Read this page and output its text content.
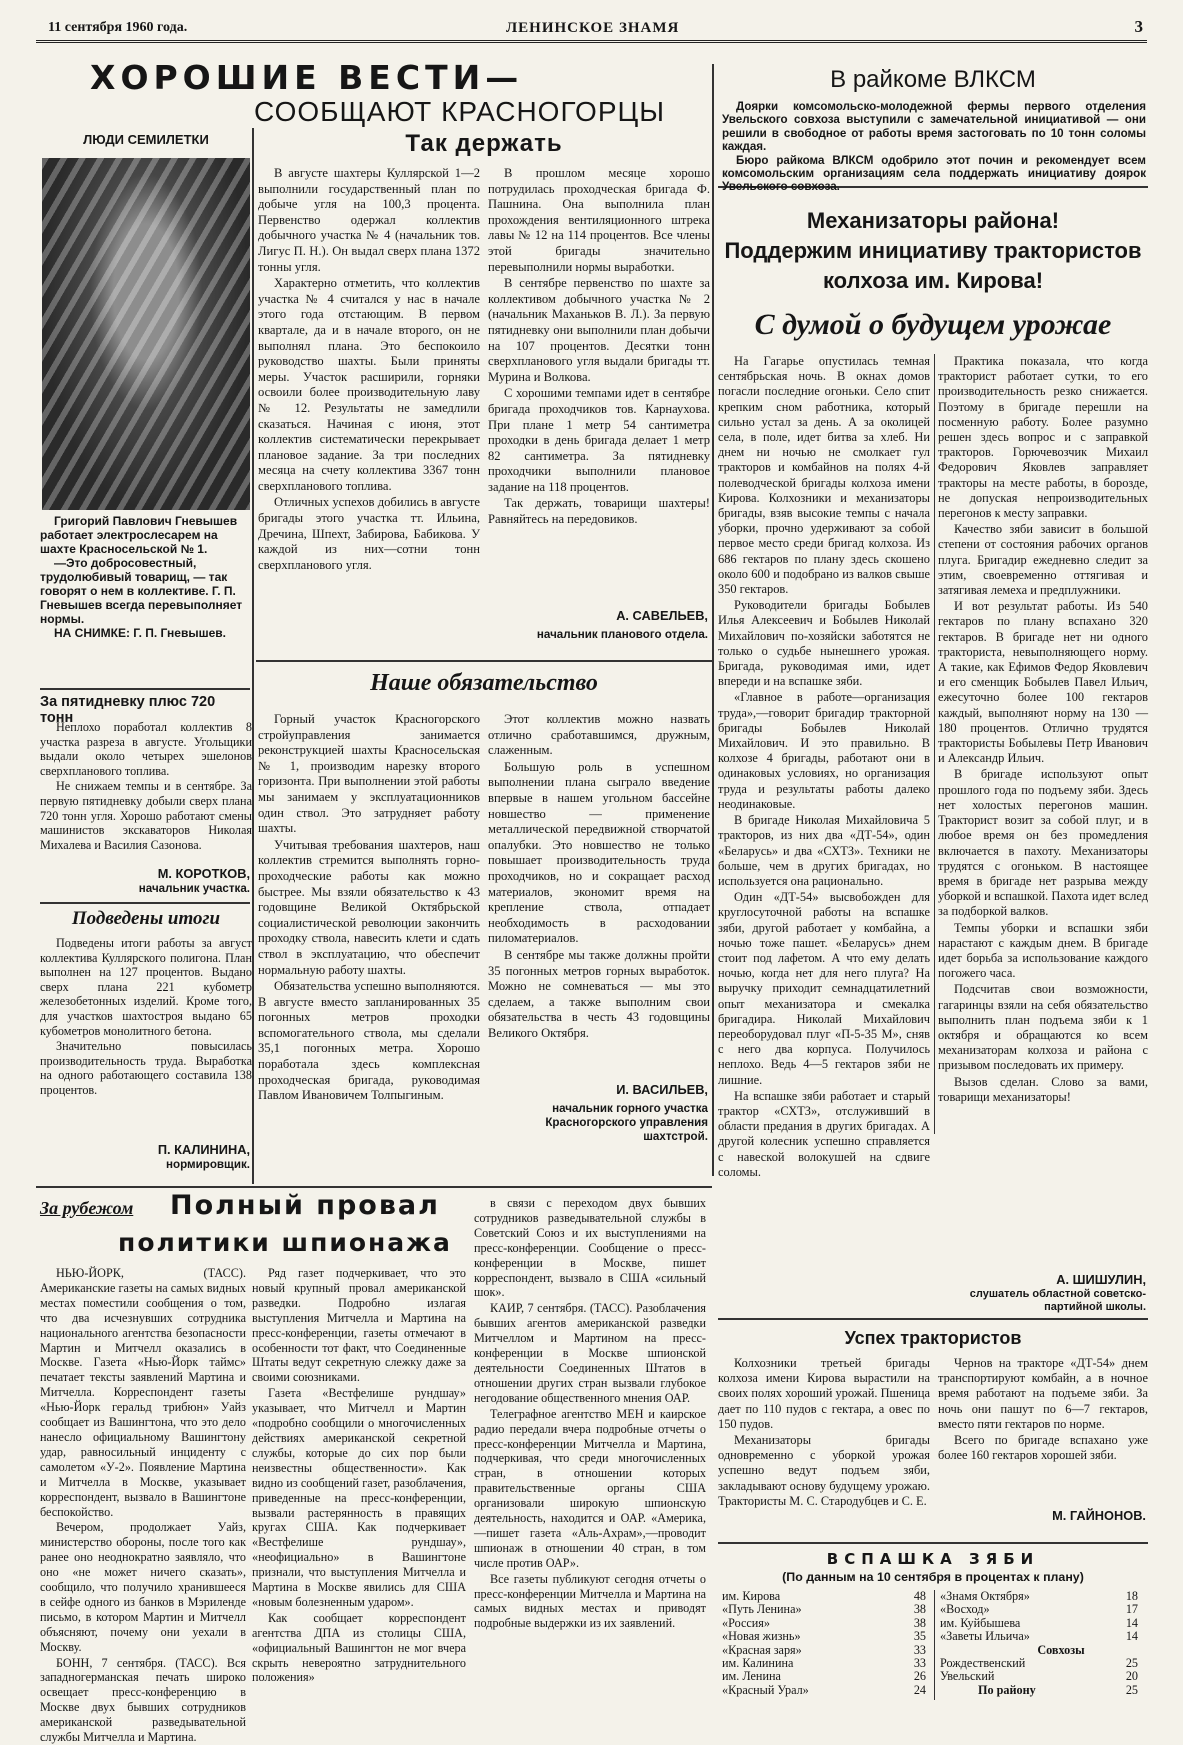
11 сентября 1960 года.	ЛЕНИНСКОЕ ЗНАМЯ	3
ХОРОШИЕ ВЕСТИ—
СООБЩАЮТ КРАСНОГОРЦЫ
ЛЮДИ СЕМИЛЕТКИ
Григорий Павлович Гневышев работает электрослесарем на шахте Красносельской № 1.
—Это добросовестный, трудолюбивый товарищ, — так говорят о нем в коллективе. Г. П. Гневышев всегда перевыполняет нормы.
НА СНИМКЕ: Г. П. Гневышев.
За пятидневку плюс 720 тонн

Неплохо поработал коллектив 8 участка разреза в августе. Угольщики выдали около четырех эшелонов сверхпланового топлива.

Не снижаем темпы и в сентябре. За первую пятидневку добыли сверх плана 720 тонн угля. Хорошо работают смены машинистов экскаваторов Николая Михалева и Василия Сазонова.

М. КОРОТКОВ,
начальник участка.
Подведены итоги

Подведены итоги работы за август коллектива Куллярского полигона. План выполнен на 127 процентов. Выдано сверх плана 221 кубометр железобетонных изделий. Кроме того, для участков шахтостроя выдано 65 кубометров монолитного бетона.

Значительно повысилась производительность труда. Выработка на одного работающего составила 138 процентов.

П. КАЛИНИНА,
нормировщик.
Так держать

В августе шахтеры Куллярской 1—2 выполнили государственный план по добыче угля на 100,3 процента. Первенство одержал коллектив добычного участка № 4 (начальник тов. Лигус П. Н.). Он выдал сверх плана 1372 тонны угля.

Характерно отметить, что коллектив участка № 4 считался у нас в начале этого года отстающим. В первом квартале, да и в начале второго, он не выполнял плана. Это беспокоило руководство шахты. Были приняты меры. Участок расширили, горняки освоили более производительную лаву № 12. Результаты не замедлили сказаться. Начиная с июня, этот коллектив систематически перекрывает плановое задание. За три последних месяца на счету коллектива 3367 тонн сверхпланового топлива.

Отличных успехов добились в августе бригады этого участка тт. Ильина, Дречина, Шпехт, Забирова, Бабикова. У каждой из них—сотни тонн сверхпланового угля.

В прошлом месяце хорошо потрудилась проходческая бригада Ф. Пашнина. Она выполнила план прохождения вентиляционного штрека лавы № 12 на 114 процентов. Все члены этой бригады значительно перевыполнили нормы выработки.

В сентябре первенство по шахте за коллективом добычного участка № 2 (начальник Маханьков В. Л.). За первую пятидневку они выполнили план добычи на 107 процентов. Десятки тонн сверхпланового угля выдали бригады тт. Мурина и Волкова.

С хорошими темпами идет в сентябре бригада проходчиков тов. Карнаухова. При плане 1 метр 54 сантиметра проходки в день бригада делает 1 метр 82 сантиметра. За пятидневку проходчики выполнили плановое задание на 118 процентов.

Так держать, товарищи шахтеры! Равняйтесь на передовиков.

А. САВЕЛЬЕВ,
начальник планового отдела.
Наше обязательство

Горный участок Красногорского стройуправления занимается реконструкцией шахты Красносельская № 1, производим нарезку второго горизонта. При выполнении этой работы мы занимаем у эксплуатационников один ствол. Это затрудняет работу шахты.

Учитывая требования шахтеров, наш коллектив стремится выполнять горно-проходческие работы как можно быстрее. Мы взяли обязательство к 43 годовщине Великой Октябрьской социалистической революции закончить проходку ствола, навесить клети и сдать ствол в эксплуатацию, что обеспечит нормальную работу шахты.

Обязательства успешно выполняются. В августе вместо запланированных 35 погонных метров проходки вспомогательного ствола, мы сделали 35,1 погонных метра. Хорошо поработала здесь комплексная проходческая бригада, руководимая Павлом Ивановичем Толпыгиным.

Этот коллектив можно назвать отлично сработавшимся, дружным, слаженным.

Большую роль в успешном выполнении плана сыграло введение впервые в нашем угольном бассейне новшество — применение металлической передвижной створчатой опалубки. Это новшество не только повышает производительность труда проходчиков, но и сокращает расход материалов, экономит время на крепление ствола, отпадает необходимость в расходовании пиломатериалов.

В сентябре мы также должны пройти 35 погонных метров горных выработок. Можно не сомневаться — мы это сделаем, а также выполним свои обязательства в честь 43 годовщины Великого Октября.

И. ВАСИЛЬЕВ,
начальник горного участка Красногорского управления шахтстрой.
В райкоме ВЛКСМ
Доярки комсомольско-молодежной фермы первого отделения Увельского совхоза выступили с замечательной инициативой — они решили в свободное от работы время застоговать по 10 тонн соломы каждая.
Бюро райкома ВЛКСМ одобрило этот почин и рекомендует всем комсомольским организациям села поддержать инициативу доярок Увельского совхоза.
Механизаторы района!
Поддержим инициативу трактористов
колхоза им. Кирова!
С думой о будущем урожае

На Гагарье опустилась темная сентябрьская ночь. В окнах домов погасли последние огоньки. Село спит крепким сном работника, который сильно устал за день. А за околицей села, в поле, идет битва за хлеб. Ни днем ни ночью не смолкает гул тракторов и комбайнов на полях 4-й полеводческой бригады колхоза имени Кирова. Колхозники и механизаторы бригады, взяв высокие темпы с начала уборки, прочно удерживают за собой первое место среди бригад колхоза. Из 686 гектаров по плану здесь скошено около 600 и подобрано из валков свыше 350 гектаров.

Руководители бригады Бобылев Илья Алексеевич и Бобылев Николай Михайлович по-хозяйски заботятся не только о судьбе нынешнего урожая. Бригада, руководимая ими, идет впереди и на вспашке зяби.

«Главное в работе—организация труда»,—говорит бригадир тракторной бригады Бобылев Николай Михайлович. И это правильно. В колхозе 4 бригады, работают они в одинаковых условиях, но организация труда и результаты работы далеко неодинаковые.

В бригаде Николая Михайловича 5 тракторов, из них два «ДТ-54», один «Беларусь» и два «СХТЗ». Техники не больше, чем в других бригадах, но используется она рационально.

Один «ДТ-54» высвобожден для круглосуточной работы на вспашке зяби, другой работает у комбайна, а ночью тоже пашет. «Беларусь» днем стоит под лафетом. А что ему делать ночью, когда нет для него плуга? На выручку приходит семнадцатилетний опыт механизатора и смекалка бригадира. Николай Михайлович переоборудовал плуг «П-5-35 М», сняв с него два корпуса. Получилось неплохо. Ведь 4—5 гектаров зяби не лишние.

На вспашке зяби работает и старый трактор «СХТЗ», отслуживший в области предания в других бригадах. А другой колесник успешно справляется с навеской волокушей на сдвиге соломы.

Практика показала, что когда тракторист работает сутки, то его производительность резко снижается. Поэтому в бригаде перешли на посменную работу. Более разумно решен здесь вопрос и с заправкой тракторов. Горючевозчик Михаил Федорович Яковлев заправляет тракторы на месте работы, в борозде, не допуская непроизводительных перегонов к месту заправки.

Качество зяби зависит в большой степени от состояния рабочих органов плуга. Бригадир ежедневно следит за этим, своевременно оттягивая и затягивая лемеха и предплужники.

И вот результат работы. Из 540 гектаров по плану вспахано 320 гектаров. В бригаде нет ни одного тракториста, невыполняющего норму. А такие, как Ефимов Федор Яковлевич и его сменщик Бобылев Павел Ильич, ежесуточно более 100 гектаров каждый, выполняют норму на 130 — 180 процентов. Отлично трудятся трактористы Бобылевы Петр Иванович и Александр Ильич.

В бригаде используют опыт прошлого года по подъему зяби. Здесь нет холостых перегонов машин. Тракторист возит за собой плуг, и в любое время он без промедления включается в пахоту. Механизаторы трудятся с огоньком. В настоящее время в бригаде нет разрыва между уборкой и вспашкой. Пахота идет вслед за подборкой валков.

Темпы уборки и вспашки зяби нарастают с каждым днем. В бригаде идет борьба за использование каждого погожего часа.

Подсчитав свои возможности, гагаринцы взяли на себя обязательство выполнить план подъема зяби к 1 октября и обращаются ко всем механизаторам колхоза и района с призывом последовать их примеру.

Вызов сделан. Слово за вами, товарищи механизаторы!

А. ШИШУЛИН,
слушатель областной советско-партийной школы.
Успех трактористов

Колхозники третьей бригады колхоза имени Кирова вырастили на своих полях хороший урожай. Пшеница дает по 110 пудов с гектара, а овес по 150 пудов.

Механизаторы бригады одновременно с уборкой урожая успешно ведут подъем зяби, закладывают основу будущему урожаю. Трактористы М. С. Стародубцев и С. Е.

Чернов на тракторе «ДТ-54» днем транспортируют комбайн, а в ночное время работают на подъеме зяби. За ночь они пашут по 6—7 гектаров, вместо пяти гектаров по норме.

Всего по бригаде вспахано уже более 160 гектаров хорошей зяби.

М. ГАЙНОНОВ.
ВСПАШКА ЗЯБИ
(По данным на 10 сентября в процентах к плану)
им. Кирова	48
«Путь Ленина»	38
«Россия»	38
«Новая жизнь»	35
«Красная заря»	33
им. Калинина	33
им. Ленина	26
«Красный Урал»	24
«Знамя Октября»	18
«Восход»	17
им. Куйбышева	14
«Заветы Ильича»	14
Совхозы	
Рождественский	25
Увельский	20
По району	25
За рубежом	Полный провал
политики шпионажа

НЬЮ-ЙОРК, (ТАСС). Американские газеты на самых видных местах поместили сообщения о том, что два исчезнувших сотрудника национального агентства безопасности Мартин и Митчелл оказались в Москве. Газета «Нью-Йорк таймс» печатает тексты заявлений Мартина и Митчелла. Корреспондент газеты «Нью-Йорк геральд трибюн» Уайз сообщает из Вашингтона, что это дело нанесло официальному Вашингтону удар, равносильный инциденту с самолетом «У-2». Появление Мартина и Митчелла в Москве, указывает корреспондент, вызвало в Вашингтоне беспокойство.

Вечером, продолжает Уайз, министерство обороны, после того как ранее оно неоднократно заявляло, что оно «не может ничего сказать», сообщило, что получило хранившееся в сейфе одного из банков в Мэриленде письмо, в котором Мартин и Митчелл объясняют, почему они уехали в Москву.

БОНН, 7 сентября. (ТАСС). Вся западногерманская печать широко освещает пресс-конференцию в Москве двух бывших сотрудников американской разведывательной службы Митчелла и Мартина.

Ряд газет подчеркивает, что это новый крупный провал американской разведки. Подробно излагая выступления Митчелла и Мартина на пресс-конференции, газеты отмечают в особенности тот факт, что Соединенные Штаты ведут секретную слежку даже за своими союзниками.

Газета «Вестфелише рундшау» указывает, что Митчелл и Мартин «подробно сообщили о многочисленных действиях американской секретной службы, которые до сих пор были неизвестны общественности». Как видно из сообщений газет, разоблачения, приведенные на пресс-конференции, вызвали растерянность в правящих кругах США. Как подчеркивает «Вестфелише рундшау», «неофициально» в Вашингтоне признали, что выступления Митчелла и Мартина в Москве явились для США «новым болезненным ударом».

Как сообщает корреспондент агентства ДПА из столицы США, «официальный Вашингтон не мог вчера скрыть невероятно затруднительного положения»

в связи с переходом двух бывших сотрудников разведывательной службы в Советский Союз и их выступлениями на пресс-конференции. Сообщение о пресс-конференции в Москве, пишет корреспондент, вызвало в США «сильный шок».

КАИР, 7 сентября. (ТАСС). Разоблачения бывших агентов американской разведки Митчеллом и Мартином на пресс-конференции в Москве шпионской деятельности Соединенных Штатов в отношении других стран вызвали глубокое негодование общественного мнения ОАР.

Телеграфное агентство МЕН и каирское радио передали вчера подробные отчеты о пресс-конференции Митчелла и Мартина, подчеркивая, что среди многочисленных стран, в отношении которых правительственные органы США организовали широкую шпионскую деятельность, находится и ОАР. «Америка,—пишет газета «Аль-Ахрам»,—проводит шпионаж в отношении 40 стран, в том числе против ОАР».

Все газеты публикуют сегодня отчеты о пресс-конференции Митчелла и Мартина на самых видных местах и приводят подробные выдержки из их заявлений.
